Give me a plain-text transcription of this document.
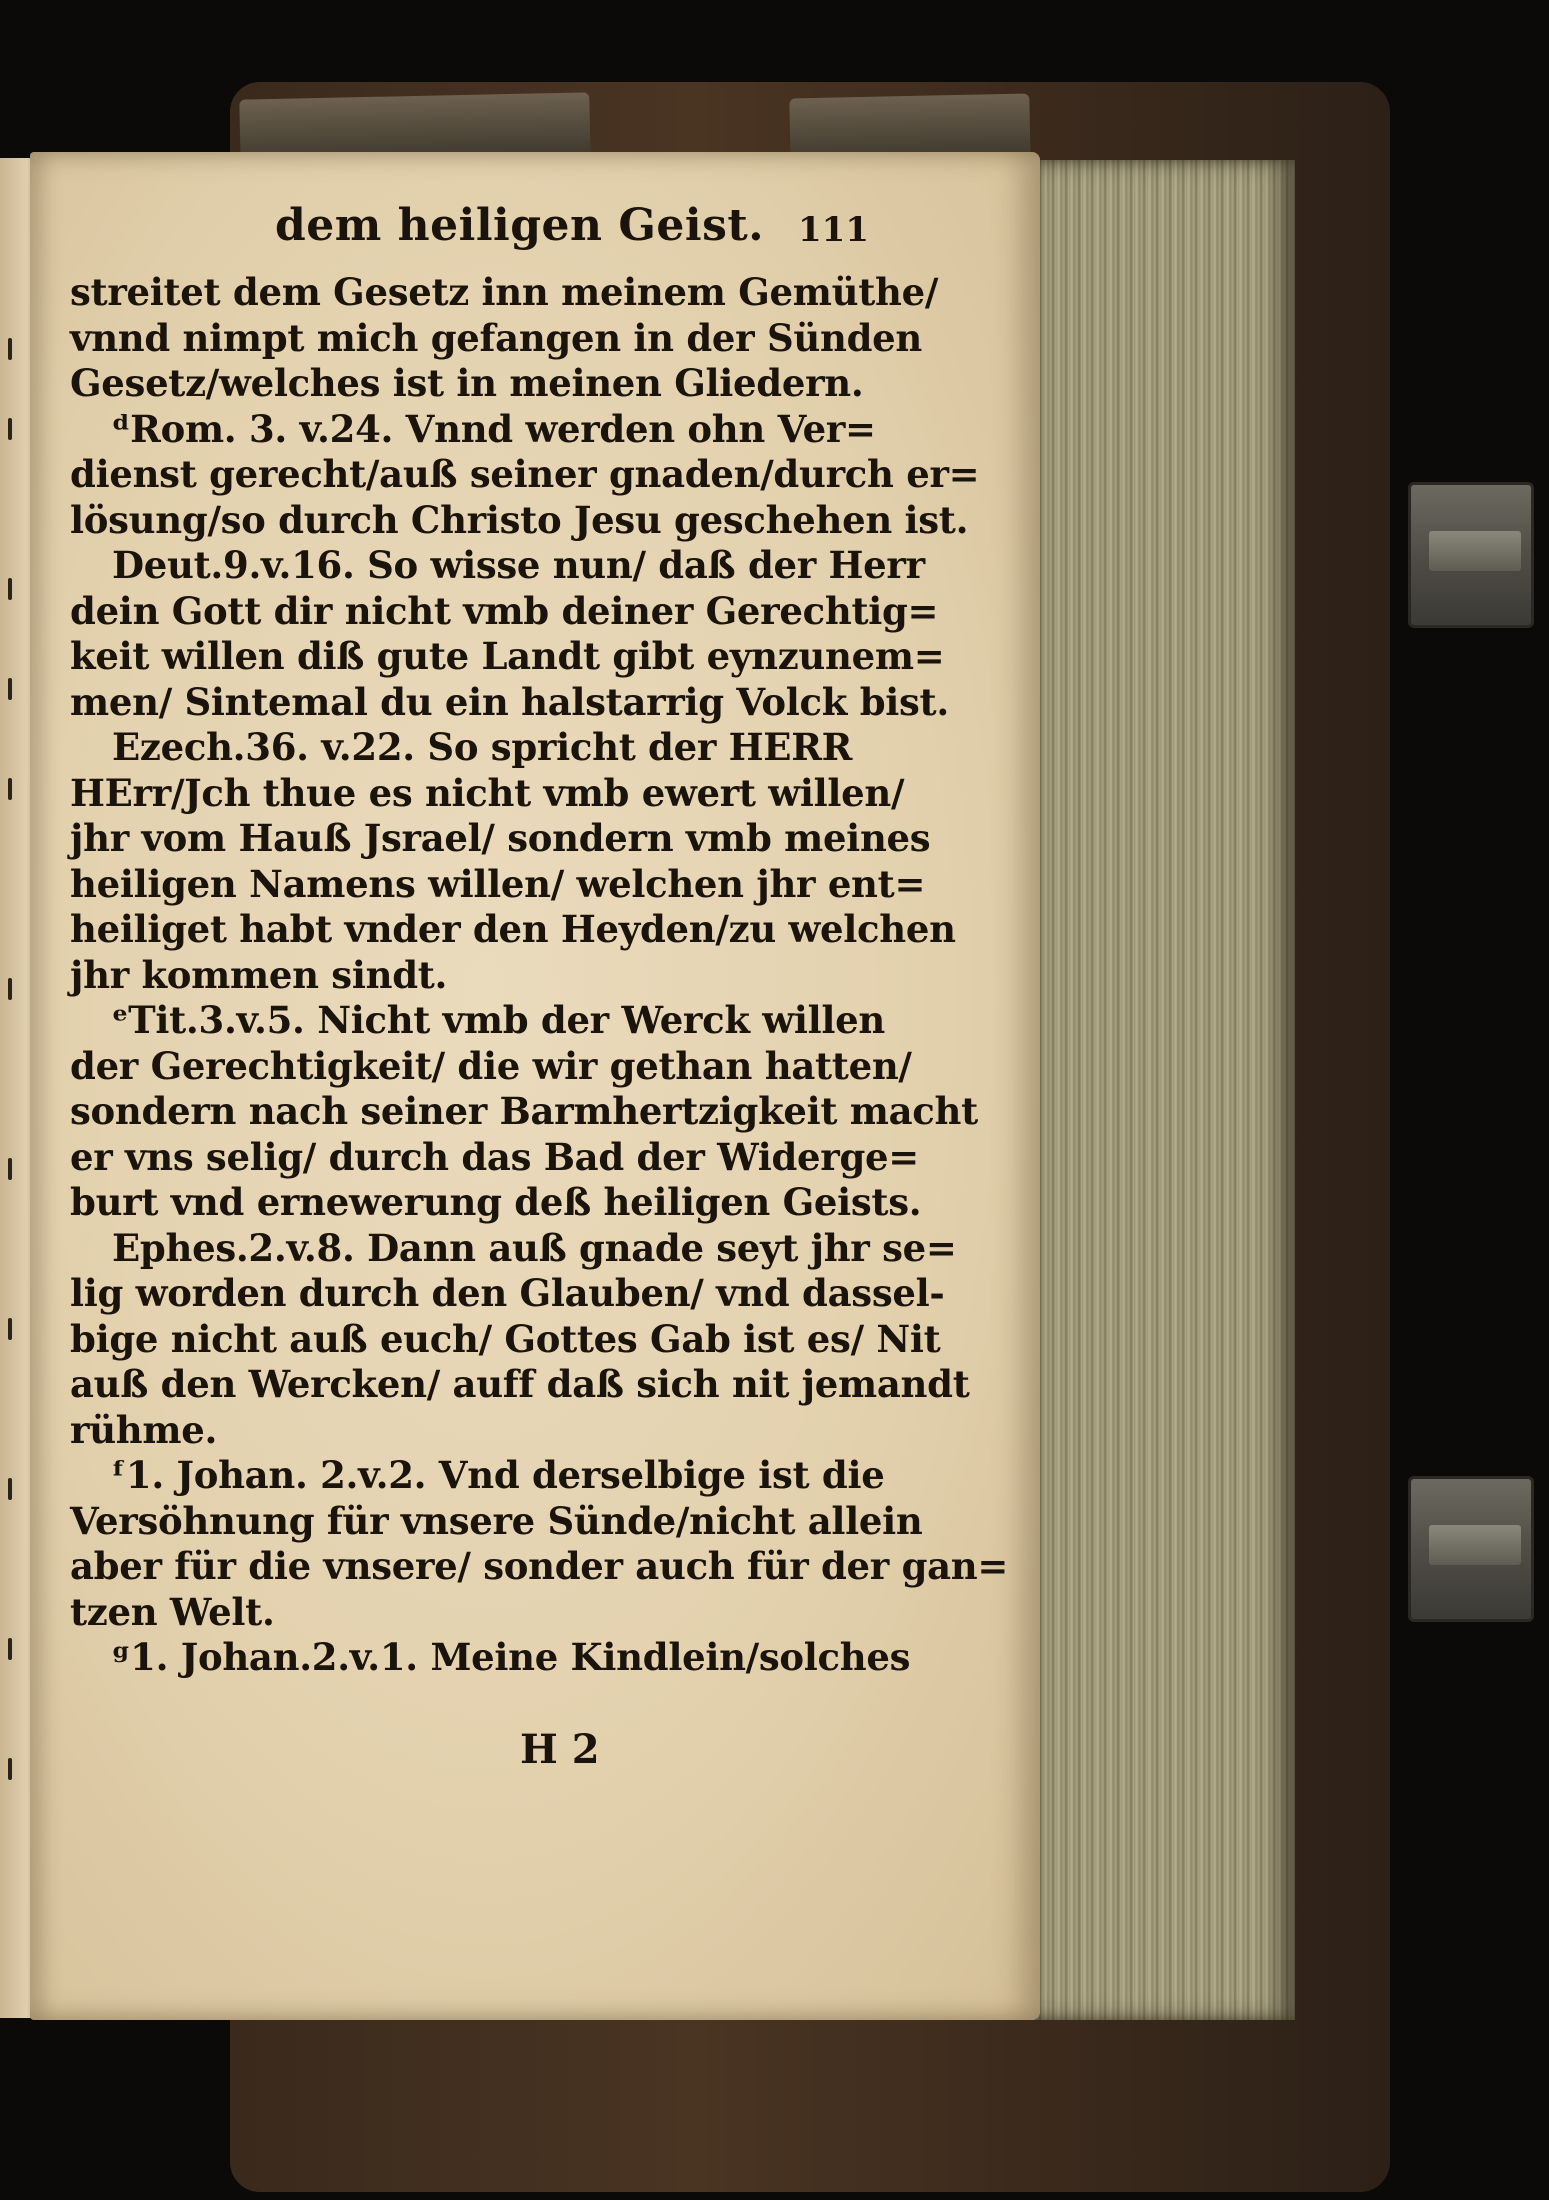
dem heiligen Geist. 111
streitet dem Gesetz inn meinem Gemüthe/
vnnd nimpt mich gefangen in der Sünden
Gesetz/welches ist in meinen Gliedern.
ᵈRom. 3. v.24. Vnnd werden ohn Ver=
dienst gerecht/auß seiner gnaden/durch er=
lösung/so durch Christo Jesu geschehen ist.
Deut.9.v.16. So wisse nun/ daß der Herr
dein Gott dir nicht vmb deiner Gerechtig=
keit willen diß gute Landt gibt eynzunem=
men/ Sintemal du ein halstarrig Volck bist.
Ezech.36. v.22. So spricht der HERR
HErr/Jch thue es nicht vmb ewert willen/
jhr vom Hauß Jsrael/ sondern vmb meines
heiligen Namens willen/ welchen jhr ent=
heiliget habt vnder den Heyden/zu welchen
jhr kommen sindt.
ᵉTit.3.v.5. Nicht vmb der Werck willen
der Gerechtigkeit/ die wir gethan hatten/
sondern nach seiner Barmhertzigkeit macht
er vns selig/ durch das Bad der Widerge=
burt vnd ernewerung deß heiligen Geists.
Ephes.2.v.8. Dann auß gnade seyt jhr se=
lig worden durch den Glauben/ vnd dassel-
bige nicht auß euch/ Gottes Gab ist es/ Nit
auß den Wercken/ auff daß sich nit jemandt
rühme.
ᶠ1. Johan. 2.v.2. Vnd derselbige ist die
Versöhnung für vnsere Sünde/nicht allein
aber für die vnsere/ sonder auch für der gan=
tzen Welt.
ᵍ1. Johan.2.v.1. Meine Kindlein/solches
H 2
